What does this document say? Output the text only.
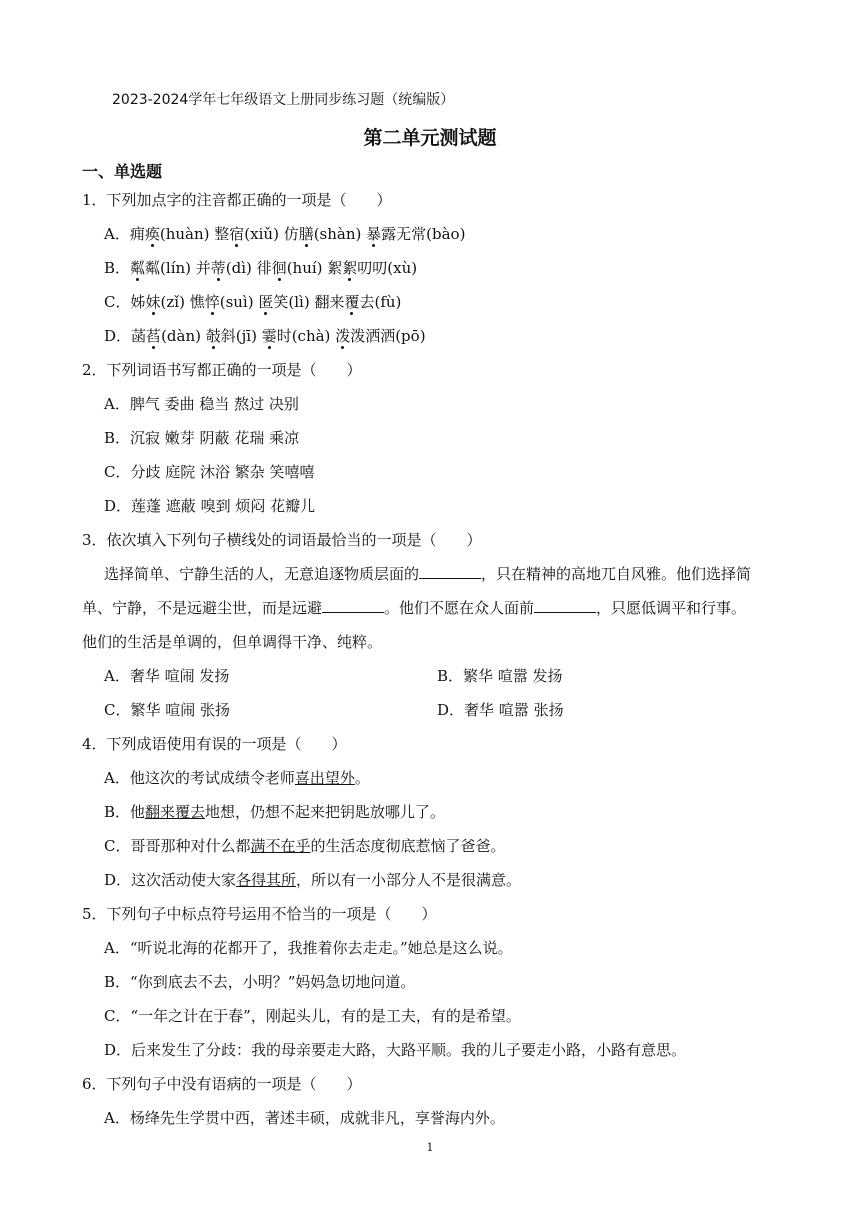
2023-2024学年七年级语文上册同步练习题（统编版）
第二单元测试题
一、单选题
1．下列加点字的注音都正确的一项是（　　）
A．痈痪(huàn) 整宿(xiǔ) 仿膳(shàn) 暴露无常(bào)
B．粼粼(lín) 并蒂(dì) 徘徊(huí) 絮絮叨叨(xù)
C．姊妹(zǐ) 憔悴(suì) 匿笑(lì) 翻来覆去(fù)
D．菡萏(dàn) 攲斜(jī) 霎时(chà) 泼泼洒洒(pō)
2．下列词语书写都正确的一项是（　　）
A．脾气 委曲 稳当 熬过 决别
B．沉寂 嫩芽 阴蔽 花瑞 乘凉
C．分歧 庭院 沐浴 繁杂 笑嘻嘻
D．莲蓬 遮蔽 嗅到 烦闷 花瓣儿
3．依次填入下列句子横线处的词语最恰当的一项是（　　）
选择简单、宁静生活的人，无意追逐物质层面的	，只在精神的高地兀自风雅。他们选择简
单、宁静，不是远避尘世，而是远避	。他们不愿在众人面前	，只愿低调平和行事。
他们的生活是单调的，但单调得干净、纯粹。
A．奢华 喧闹 发扬	B．繁华 喧嚣 发扬
C．繁华 喧闹 张扬	D．奢华 喧嚣 张扬
4．下列成语使用有误的一项是（　　）
A．他这次的考试成绩令老师喜出望外。
B．他翻来覆去地想，仍想不起来把钥匙放哪儿了。
C．哥哥那种对什么都满不在乎的生活态度彻底惹恼了爸爸。
D．这次活动使大家各得其所，所以有一小部分人不是很满意。
5．下列句子中标点符号运用不恰当的一项是（　　）
A．“听说北海的花都开了，我推着你去走走。”她总是这么说。
B．“你到底去不去，小明？”妈妈急切地问道。
C．“一年之计在于春”，刚起头儿，有的是工夫，有的是希望。
D．后来发生了分歧：我的母亲要走大路，大路平顺。我的儿子要走小路，小路有意思。
6．下列句子中没有语病的一项是（　　）
A．杨绛先生学贯中西，著述丰硕，成就非凡，享誉海内外。
1
